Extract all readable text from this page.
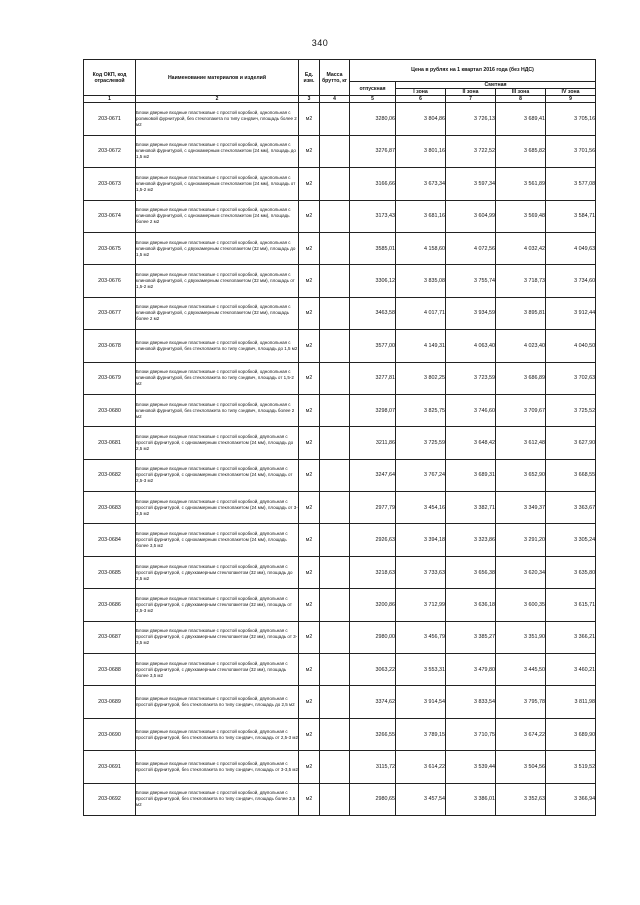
340
Код ОКП, код отраслевой	Наименование материалов и изделий	Ед. изм.	Масса брутто, кг	Цена в рублях на 1 квартал 2016 года (без НДС)				
				отпускная	Сметная			
					I зона	II зона	III зона	IV зона
1	2	3	4	5	6	7	8	9
203-0671	Блоки дверные входные пластиковые с простой коробкой, однопольная с роликовой фурнитурой, без стеклопакета по типу сэндвич, площадь более 2 м2	м2		3280,06	3 804,86	3 726,13	3 689,41	3 705,16
203-0672	Блоки дверные входные пластиковые с простой коробкой, однопольная с клиновой фурнитурой, с однокамерным стеклопакетом (24 мм), площадь до 1,5 м2	м2		3276,87	3 801,16	3 722,52	3 685,82	3 701,56
203-0673	Блоки дверные входные пластиковые с простой коробкой, однопольная с клиновой фурнитурой, с однокамерным стеклопакетом (24 мм), площадь от 1,5-2 м2	м2		3166,66	3 673,34	3 597,34	3 561,89	3 577,08
203-0674	Блоки дверные входные пластиковые с простой коробкой, однопольная с клиновой фурнитурой, с однокамерным стеклопакетом (24 мм), площадь более 2 м2	м2		3173,43	3 681,16	3 604,99	3 569,48	3 584,71
203-0675	Блоки дверные входные пластиковые с простой коробкой, однопольная с клиновой фурнитурой, с двухкамерным стеклопакетом (32 мм), площадь до 1,5 м2	м2		3585,01	4 158,60	4 072,56	4 032,42	4 049,63
203-0676	Блоки дверные входные пластиковые с простой коробкой, однопольная с клиновой фурнитурой, с двухкамерным стеклопакетом (32 мм), площадь от 1,5-2 м2	м2		3306,12	3 835,08	3 755,74	3 718,73	3 734,60
203-0677	Блоки дверные входные пластиковые с простой коробкой, однопольная с клиновой фурнитурой, с двухкамерным стеклопакетом (32 мм), площадь более 2 м2	м2		3463,58	4 017,71	3 934,59	3 895,81	3 912,44
203-0678	Блоки дверные входные пластиковые с простой коробкой, однопольная с клиновой фурнитурой, без стеклопакета по типу сэндвич, площадь до 1,5 м2	м2		3577,00	4 149,31	4 063,40	4 023,40	4 040,50
203-0679	Блоки дверные входные пластиковые с простой коробкой, однопольная с клиновой фурнитурой, без стеклопакета по типу сэндвич, площадь от 1,5-2 м2	м2		3277,81	3 802,25	3 723,59	3 686,89	3 702,63
203-0680	Блоки дверные входные пластиковые с простой коробкой, однопольная с клиновой фурнитурой, без стеклопакета по типу сэндвич, площадь более 2 м2	м2		3298,07	3 825,75	3 746,60	3 709,67	3 725,52
203-0681	Блоки дверные входные пластиковые с простой коробкой, двупольная с простой фурнитурой, с однокамерным стеклопакетом (24 мм), площадь до 2,5 м2	м2		3211,86	3 725,59	3 648,42	3 612,48	3 627,90
203-0682	Блоки дверные входные пластиковые с простой коробкой, двупольная с простой фурнитурой, с однокамерным стеклопакетом (24 мм), площадь от 2,5-3 м2	м2		3247,64	3 767,24	3 689,31	3 652,90	3 668,55
203-0683	Блоки дверные входные пластиковые с простой коробкой, двупольная с простой фурнитурой, с однокамерным стеклопакетом (24 мм), площадь от 3-3,5 м2	м2		2977,79	3 454,16	3 382,71	3 349,37	3 363,67
203-0684	Блоки дверные входные пластиковые с простой коробкой, двупольная с простой фурнитурой, с однокамерным стеклопакетом (24 мм), площадь более 3,5 м2	м2		2926,63	3 394,18	3 323,86	3 291,20	3 305,24
203-0685	Блоки дверные входные пластиковые с простой коробкой, двупольная с простой фурнитурой, с двухкамерным стеклопакетом (32 мм), площадь до 2,5 м2	м2		3218,63	3 733,63	3 656,38	3 620,34	3 635,80
203-0686	Блоки дверные входные пластиковые с простой коробкой, двупольная с простой фурнитурой, с двухкамерным стеклопакетом (32 мм), площадь от 2,5-3 м2	м2		3200,86	3 712,99	3 636,18	3 600,35	3 615,71
203-0687	Блоки дверные входные пластиковые с простой коробкой, двупольная с простой фурнитурой, с двухкамерным стеклопакетом (32 мм), площадь от 3-3,5 м2	м2		2980,00	3 456,79	3 385,27	3 351,90	3 366,21
203-0688	Блоки дверные входные пластиковые с простой коробкой, двупольная с простой фурнитурой, с двухкамерным стеклопакетом (32 мм), площадь более 3,5 м2	м2		3063,22	3 553,31	3 479,80	3 445,50	3 460,21
203-0689	Блоки дверные входные пластиковые с простой коробкой, двупольная с простой фурнитурой, без стеклопакета по типу сэндвич, площадь до 2,5 м2	м2		3374,62	3 914,54	3 833,54	3 795,78	3 811,98
203-0690	Блоки дверные входные пластиковые с простой коробкой, двупольная с простой фурнитурой, без стеклопакета по типу сэндвич, площадь от 2,5-3 м2	м2		3266,55	3 789,15	3 710,75	3 674,22	3 689,90
203-0691	Блоки дверные входные пластиковые с простой коробкой, двупольная с простой фурнитурой, без стеклопакета по типу сэндвич, площадь от 3-3,5 м2	м2		3115,72	3 614,22	3 539,44	3 504,56	3 519,52
203-0692	Блоки дверные входные пластиковые с простой коробкой, двупольная с простой фурнитурой, без стеклопакета по типу сэндвич, площадь более 3,5 м2	м2		2980,65	3 457,54	3 386,01	3 352,63	3 366,94
